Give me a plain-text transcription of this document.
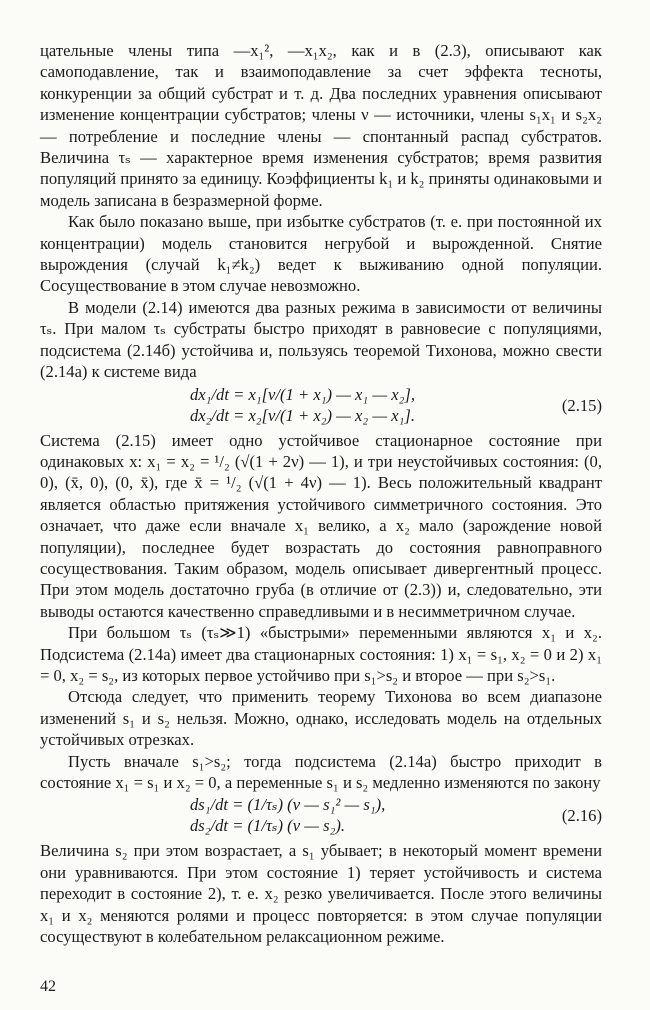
цательные члены типа —x₁², —x₁x₂, как и в (2.3), описывают как самоподавление, так и взаимоподавление за счет эффекта тесноты, конкуренции за общий субстрат и т. д. Два последних уравнения описывают изменение концентрации субстратов; члены ν — источники, члены s₁x₁ и s₂x₂ — потребление и последние члены — спонтанный распад субстратов. Величина τₛ — характерное время изменения субстратов; время развития популяций принято за единицу. Коэффициенты k₁ и k₂ приняты одинаковыми и модель записана в безразмерной форме.

Как было показано выше, при избытке субстратов (т. е. при постоянной их концентрации) модель становится негрубой и вырожденной. Снятие вырождения (случай k₁≠k₂) ведет к выживанию одной популяции. Сосуществование в этом случае невозможно.

В модели (2.14) имеются два разных режима в зависимости от величины τₛ. При малом τₛ субстраты быстро приходят в равновесие с популяциями, подсистема (2.14б) устойчива и, пользуясь теоремой Тихонова, можно свести (2.14а) к системе вида

dx₁/dt = x₁[ν/(1 + x₁) — x₁ — x₂],
dx₂/dt = x₂[ν/(1 + x₂) — x₂ — x₁].
(2.15)

Система (2.15) имеет одно устойчивое стационарное состояние при одинаковых x: x₁ = x₂ = ¹/₂ (√(1 + 2ν) — 1), и три неустойчивых состояния: (0, 0), (x̄, 0), (0, x̄), где x̄ = ¹/₂ (√(1 + 4ν) — 1). Весь положительный квадрант является областью притяжения устойчивого симметричного состояния. Это означает, что даже если вначале x₁ велико, а x₂ мало (зарождение новой популяции), последнее будет возрастать до состояния равноправного сосуществования. Таким образом, модель описывает дивергентный процесс. При этом модель достаточно груба (в отличие от (2.3)) и, следовательно, эти выводы остаются качественно справедливыми и в несимметричном случае.

При большом τₛ (τₛ≫1) «быстрыми» переменными являются x₁ и x₂. Подсистема (2.14а) имеет два стационарных состояния: 1) x₁ = s₁, x₂ = 0 и 2) x₁ = 0, x₂ = s₂, из которых первое устойчиво при s₁>s₂ и второе — при s₂>s₁.

Отсюда следует, что применить теорему Тихонова во всем диапазоне изменений s₁ и s₂ нельзя. Можно, однако, исследовать модель на отдельных устойчивых отрезках.

Пусть вначале s₁>s₂; тогда подсистема (2.14а) быстро приходит в состояние x₁ = s₁ и x₂ = 0, а переменные s₁ и s₂ медленно изменяются по закону

ds₁/dt = (1/τₛ) (ν — s₁² — s₁),
ds₂/dt = (1/τₛ) (ν — s₂).
(2.16)

Величина s₂ при этом возрастает, а s₁ убывает; в некоторый момент времени они уравниваются. При этом состояние 1) теряет устойчивость и система переходит в состояние 2), т. е. x₂ резко увеличивается. После этого величины x₁ и x₂ меняются ролями и процесс повторяется: в этом случае популяции сосуществуют в колебательном релаксационном режиме.

42
